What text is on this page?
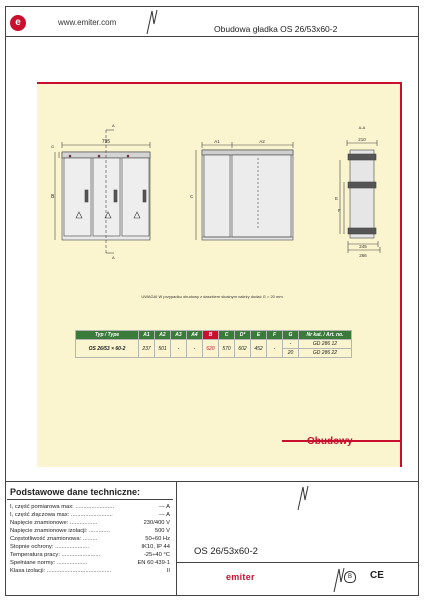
e	www.emiter.com
Obudowa gładka OS 26/53x60-2
795
B
G
A
A
A1	A2
C
A-A
210
E
F
245
266
UWAGA! W przypadku obudowy z daszkiem skośnym należy dodać G = 20 mm
Typ / Type	A1	A2	A3	A4	B	C	D*	E	F	G	Nr kat. / Art. no.
OS 26/53 × 60-2	237	501	-	-	620	570	602	452	-	-	GD 286 12
										20	GD 286 22
Obudowy
Podstawowe dane techniczne:
I, część pomiarowa max: ........................	--- A
I, część złączowa max: ..........................	--- A
Napięcie znamionowe: .................	230/400 V
Napięcie znamionowe izolacji: .............	500 V
Częstotliwość znamionowa: .........	50÷60 Hz
Stopnie ochrony: .....................	IK10, IP 44
Temperatura pracy: ........................	-25÷40 °C
Spełniane normy: ...................	EN 60 439-1
Klasa izolacji: ........................................	II
OS 26/53x60-2
emiter	B	CE
